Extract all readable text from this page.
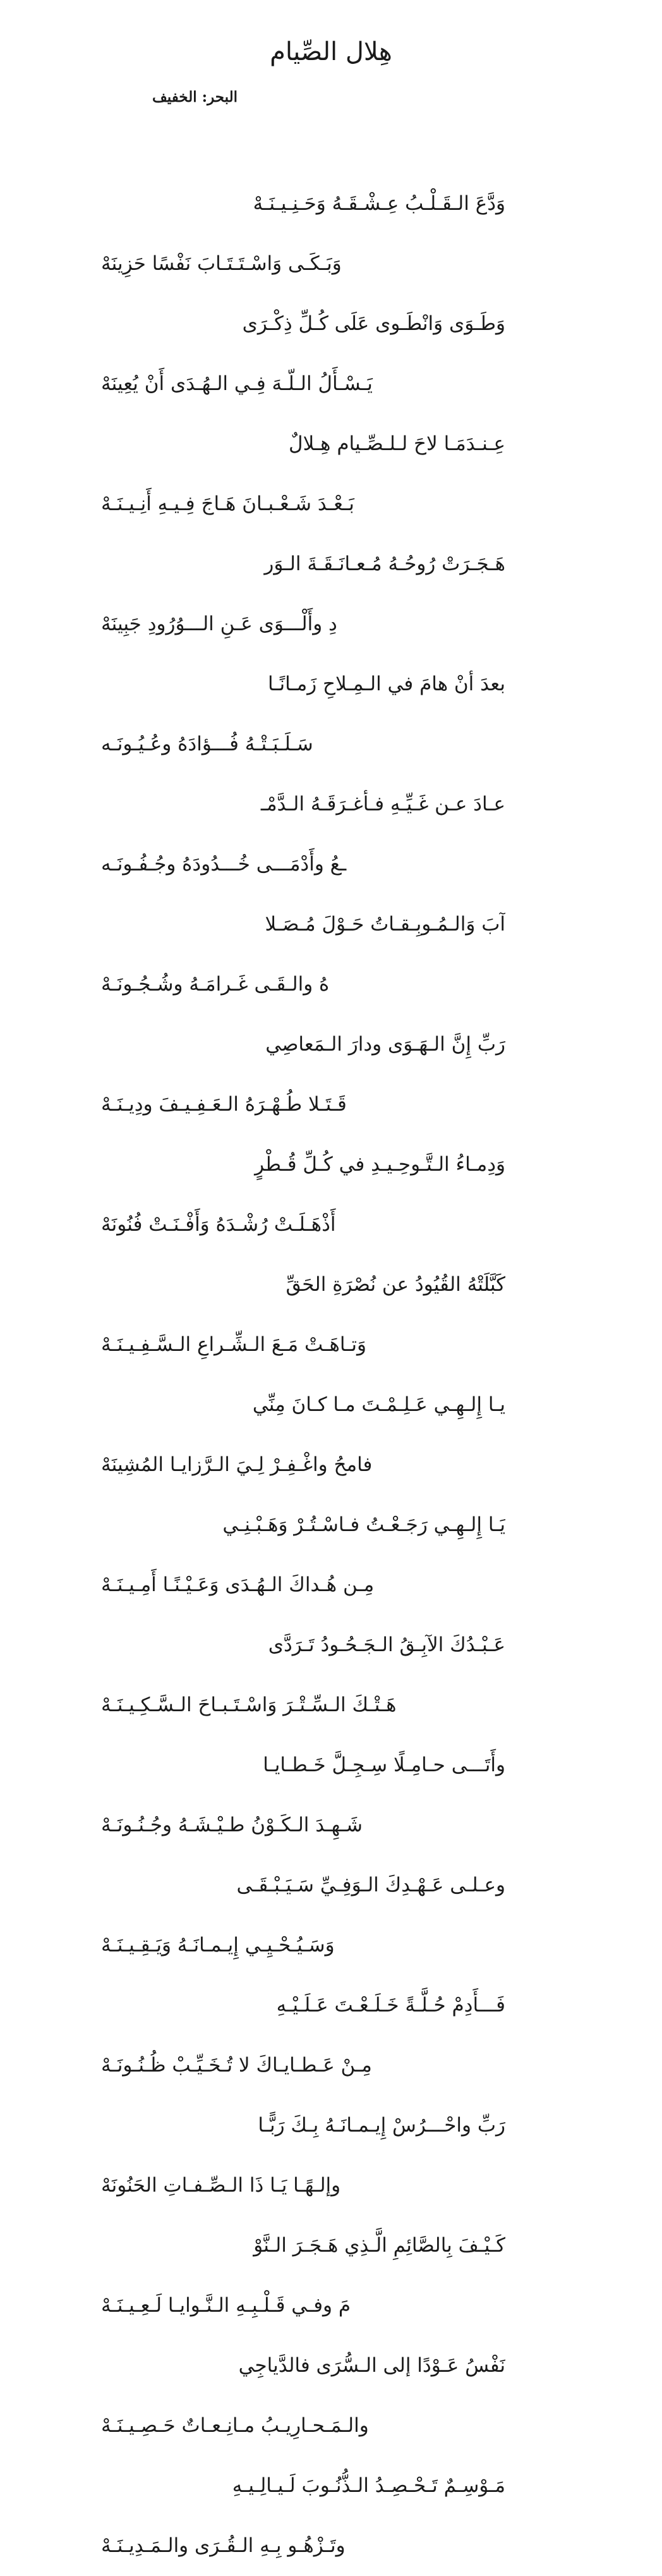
هِلال الصِّيام
البحر: الخفيف
وَدَّعَ الـقَـلْـبُ عِـشْـقَـهُ وَحَـنِـيـنَـهْ
وَبَـكَـى وَاسْـتَـتَـابَ نَفْسًا حَزِينَهْ
وَطَـوَى وَانْطَـوى عَلَى كُـلِّ ذِكْـرَى
يَـسْـأَلُ الـلّـهَ فِـي الـهُـدَى أَنْ يُعِينَهْ
عِـنـدَمَـا لاحَ لـلـصِّـيام هِـلالٌ
بَـعْـدَ شَـعْـبـانَ هَـاجَ فِـيـهِ أَنِـيـنَـهْ
هَـجَـرَتْ رُوحُـهُ مُـعـانَـقَـةَ الـوَر
دِ وأَلْـــوَى عَـنِ الـــوُرُودِ جَبِينَهْ
بعدَ أنْ هامَ في الـمِـلاحِ زَمـانًـا
سَـلَـبَـتْـهُ فُـــؤادَهُ وعُـيُـونَـه
عـادَ عـن غَـيِّـهِ فـأغـرَقَـهُ الـدَّمْـ
ـعُ وأَدْمَـــى خُـــدُودَهُ وجُـفُـونَـه
آبَ وَالـمُـوبِـقـاتُ حَـوْلَ مُـصَـلا
هُ والـقَـى غَـرامَـهُ وشُـجُـونَـهْ
رَبِّ إِنَّ الـهَـوَى ودارَ الـمَعاصِي
قَـتَـلا طُـهْـرَهُ الـعَـفِـيـفَ ودِيـنَـهْ
وَدِمـاءُ الـتَّـوحِـيـدِ في كُـلِّ قُـطْرٍ
أَذْهَـلَـتْ رُشْـدَهُ وَأَفْـنَـتْ فُنُونَهْ
كَبَّلَتْهُ القُيُودُ عن نُصْرَةِ الحَقِّ
وَتـاهَـتْ مَـعَ الـشِّـراعِ الـسَّـفِـيـنَـهْ
يـا إِلـهِـي عَـلِـمْـتَ مـا كـانَ مِنِّي
فامحُ واغْـفِـرْ لِـيَ الـرَّزايـا المُشِينَهْ
يَـا إِلـهِـي رَجَـعْـتُ فـاسْـتُـرْ وَهَـبْـنِـي
مِـن هُـداكَ الـهُـدَى وَعَـيْـنًـا أَمِـيـنَـهْ
عَـبْـدُكَ الآبِـقُ الـجَـحُـودُ تَـرَدَّى
هَـتْـكَ الـسِّـتْـرَ وَاسْـتَـبـاحَ الـسَّـكِـيـنَـهْ
وأَتَـــى حـامِـلًا سِـجِـلَّ خَـطـايـا
شَـهِـدَ الـكَـوْنُ طـيْـشَـهُ وجُـنُـونَـهْ
وعـلـى عَـهْـدِكَ الـوَفِـيِّ سَـيَـبْـقَـى
وَسَـيُـحْـيِـي إِيـمـانَـهُ وَيَـقِـيـنَـهْ
فَـــأَدِمْ حُـلَّـةً خَـلَـعْـتَ عَـلَـيْـهِ
مِـنْ عَـطـايـاكَ لا تُـخَـيِّـبْ ظُـنُـونَـهْ
رَبِّ واحْـــرُسْ إِيـمـانَـهُ بِـكَ رَبًّـا
وإلـهًـا يَـا ذَا الـصِّـفـاتِ الحَنُونَهْ
كَـيْـفَ بِالصَّائِمِ الَّـذِي هَـجَـرَ الـنَّوْ
مَ وفـي قَـلْـبِـهِ الـنَّـوايـا لَـعِـيـنَـهْ
نَفْسُ عَـوْدًا إلى الـسُّرَى فالدَّياجِي
والـمَـحـارِيـبُ مـانِـعـاتٌ حَـصِـيـنَـهْ
مَـوْسِـمٌ تَـحْـصِـدُ الـذُّنُـوبَ لَـيـالِـيـهِ
وتَـزْهُـو بِـهِ الـقُـرَى والـمَـدِيـنَـهْ
